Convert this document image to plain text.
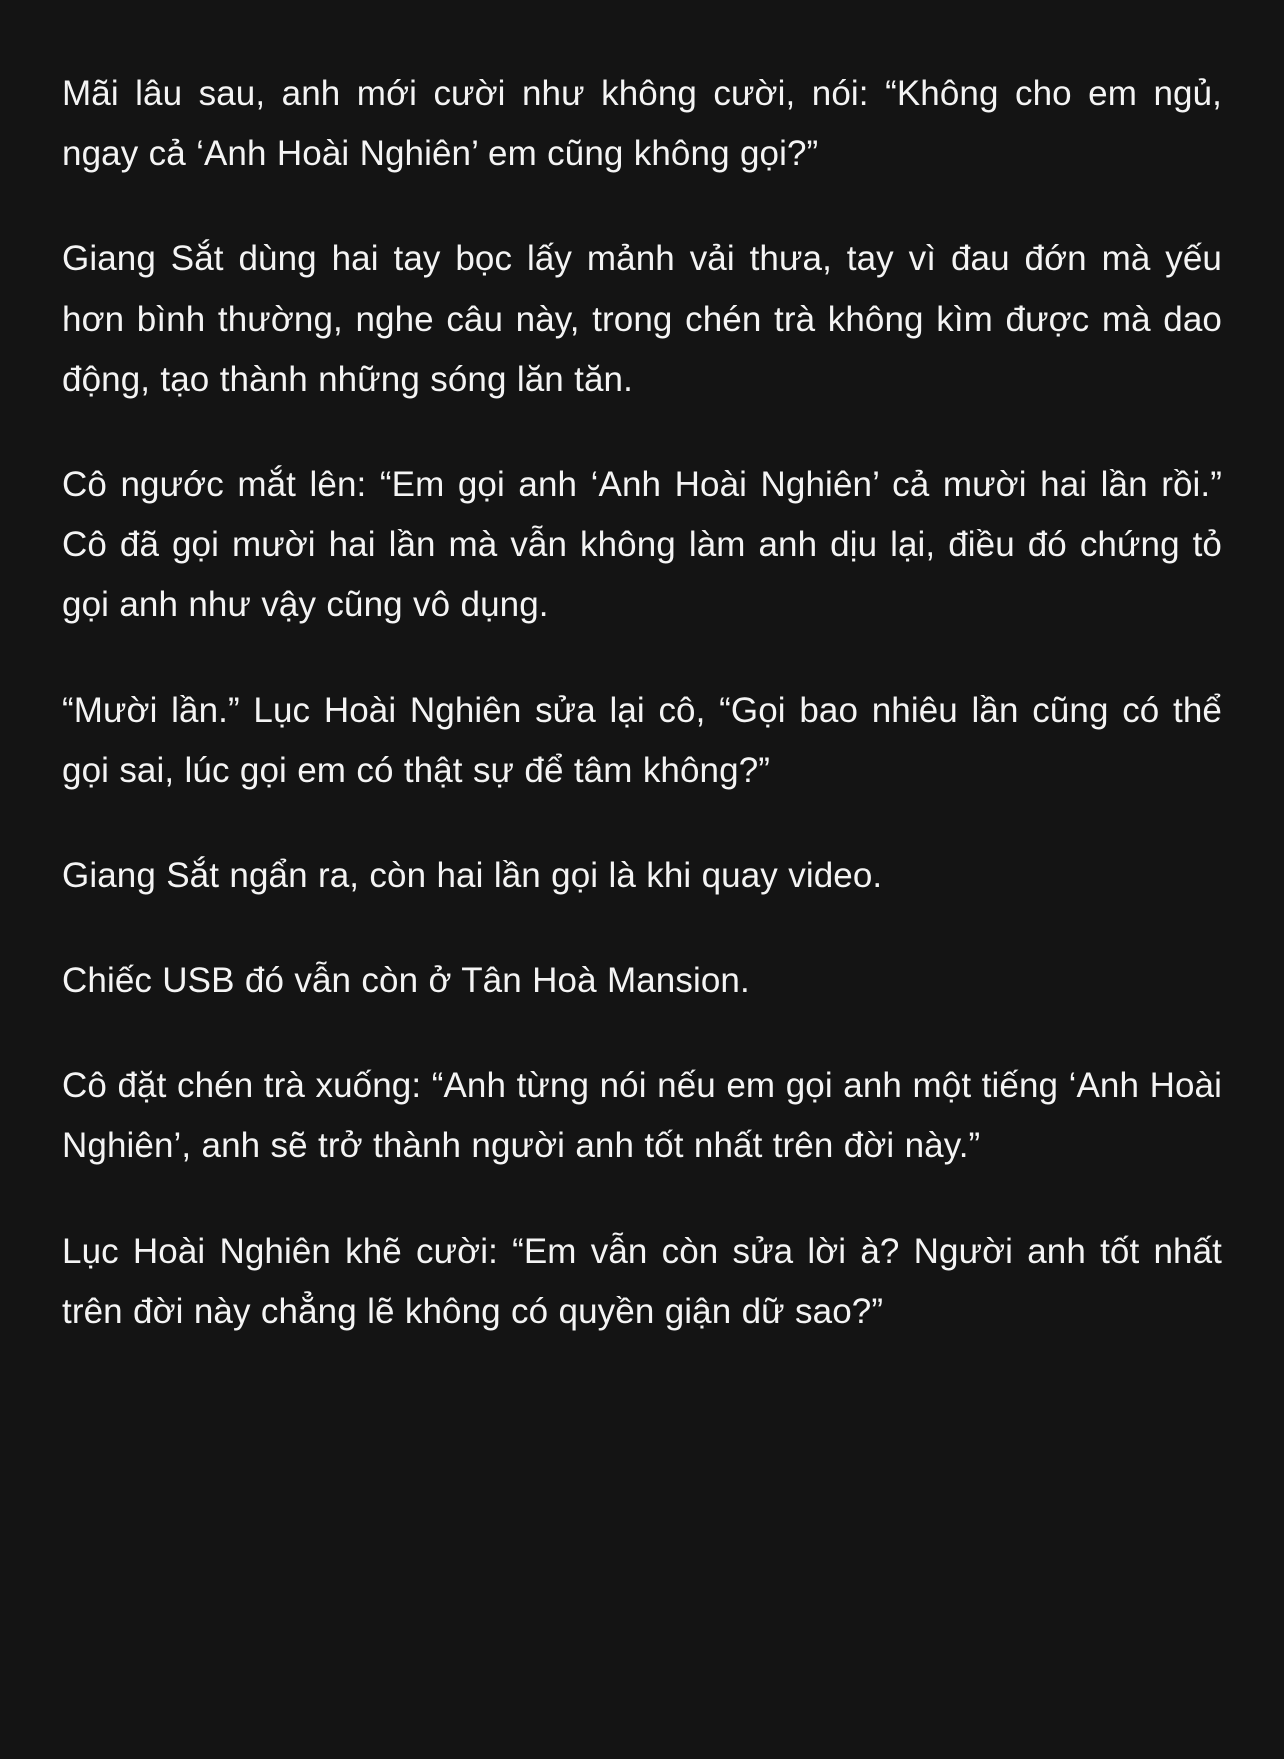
Mãi lâu sau, anh mới cười như không cười, nói: “Không cho em ngủ, ngay cả ‘Anh Hoài Nghiên’ em cũng không gọi?”

Giang Sắt dùng hai tay bọc lấy mảnh vải thưa, tay vì đau đớn mà yếu hơn bình thường, nghe câu này, trong chén trà không kìm được mà dao động, tạo thành những sóng lăn tăn.

Cô ngước mắt lên: “Em gọi anh ‘Anh Hoài Nghiên’ cả mười hai lần rồi.” Cô đã gọi mười hai lần mà vẫn không làm anh dịu lại, điều đó chứng tỏ gọi anh như vậy cũng vô dụng.

“Mười lần.” Lục Hoài Nghiên sửa lại cô, “Gọi bao nhiêu lần cũng có thể gọi sai, lúc gọi em có thật sự để tâm không?”

Giang Sắt ngẩn ra, còn hai lần gọi là khi quay video.

Chiếc USB đó vẫn còn ở Tân Hoà Mansion.

Cô đặt chén trà xuống: “Anh từng nói nếu em gọi anh một tiếng ‘Anh Hoài Nghiên’, anh sẽ trở thành người anh tốt nhất trên đời này.”

Lục Hoài Nghiên khẽ cười: “Em vẫn còn sửa lời à? Người anh tốt nhất trên đời này chẳng lẽ không có quyền giận dữ sao?”
